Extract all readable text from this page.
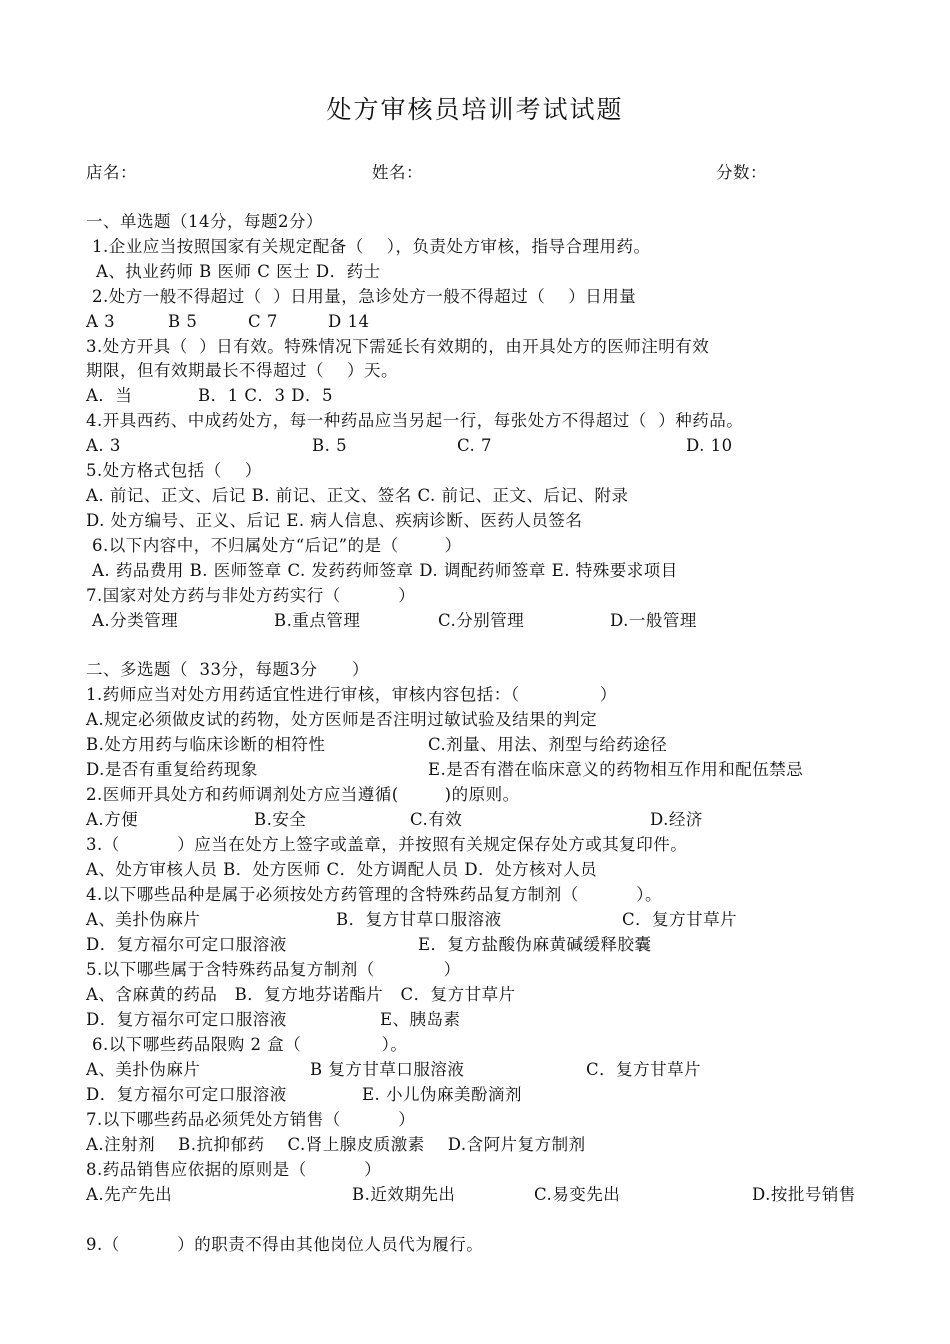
处方审核员培训考试试题
店名：	姓名：	分数：
一、单选题（14分，每题2分）
1.企业应当按照国家有关规定配备（    ），负责处方审核，指导合理用药。
A、执业药师 B 医师 C 医士 D．药士
2.处方一般不得超过（  ）日用量，急诊处方一般不得超过（    ）日用量
A 3	B 5	C 7	D 14
3.处方开具（  ）日有效。特殊情况下需延长有效期的，由开具处方的医师注明有效
期限，但有效期最长不得超过（    ）天。
A．当	B．1 C．3 D．5
4.开具西药、中成药处方，每一种药品应当另起一行，每张处方不得超过（  ）种药品。
A. 3	B. 5	C. 7	D. 10
5.处方格式包括（    ）
A. 前记、正文、后记 B. 前记、正文、签名 C. 前记、正文、后记、附录
D. 处方编号、正义、后记 E. 病人信息、疾病诊断、医药人员签名
6.以下内容中，不归属处方“后记”的是（        ）
A. 药品费用 B. 医师签章 C. 发药药师签章 D. 调配药师签章 E. 特殊要求项目
7.国家对处方药与非处方药实行（          ）
A.分类管理	B.重点管理	C.分别管理	D.一般管理
二、多选题（  33分，每题3分      ）
1.药师应当对处方用药适宜性进行审核，审核内容包括：（              ）
A.规定必须做皮试的药物，处方医师是否注明过敏试验及结果的判定
B.处方用药与临床诊断的相符性	C.剂量、用法、剂型与给药途径
D.是否有重复给药现象	E.是否有潜在临床意义的药物相互作用和配伍禁忌
2.医师开具处方和药师调剂处方应当遵循(        )的原则。
A.方便	B.安全	C.有效	D.经济
3.（          ）应当在处方上签字或盖章，并按照有关规定保存处方或其复印件。
A、处方审核人员 B．处方医师 C．处方调配人员 D．处方核对人员
4.以下哪些品种是属于必须按处方药管理的含特殊药品复方制剂（          ）。
A、美扑伪麻片	B．复方甘草口服溶液	C．复方甘草片
D．复方福尔可定口服溶液	E．复方盐酸伪麻黄碱缓释胶囊
5.以下哪些属于含特殊药品复方制剂（            ）
A、含麻黄的药品   B．复方地芬诺酯片   C．复方甘草片
D．复方福尔可定口服溶液	E、胰岛素
6.以下哪些药品限购 2 盒（              ）。
A、美扑伪麻片	B 复方甘草口服溶液	C．复方甘草片
D．复方福尔可定口服溶液	E. 小儿伪麻美酚滴剂
7.以下哪些药品必须凭处方销售（          ）
A.注射剂    B.抗抑郁药    C.肾上腺皮质激素    D.含阿片复方制剂
8.药品销售应依据的原则是（          ）
A.先产先出	B.近效期先出	C.易变先出	D.按批号销售
9.（          ）的职责不得由其他岗位人员代为履行。
